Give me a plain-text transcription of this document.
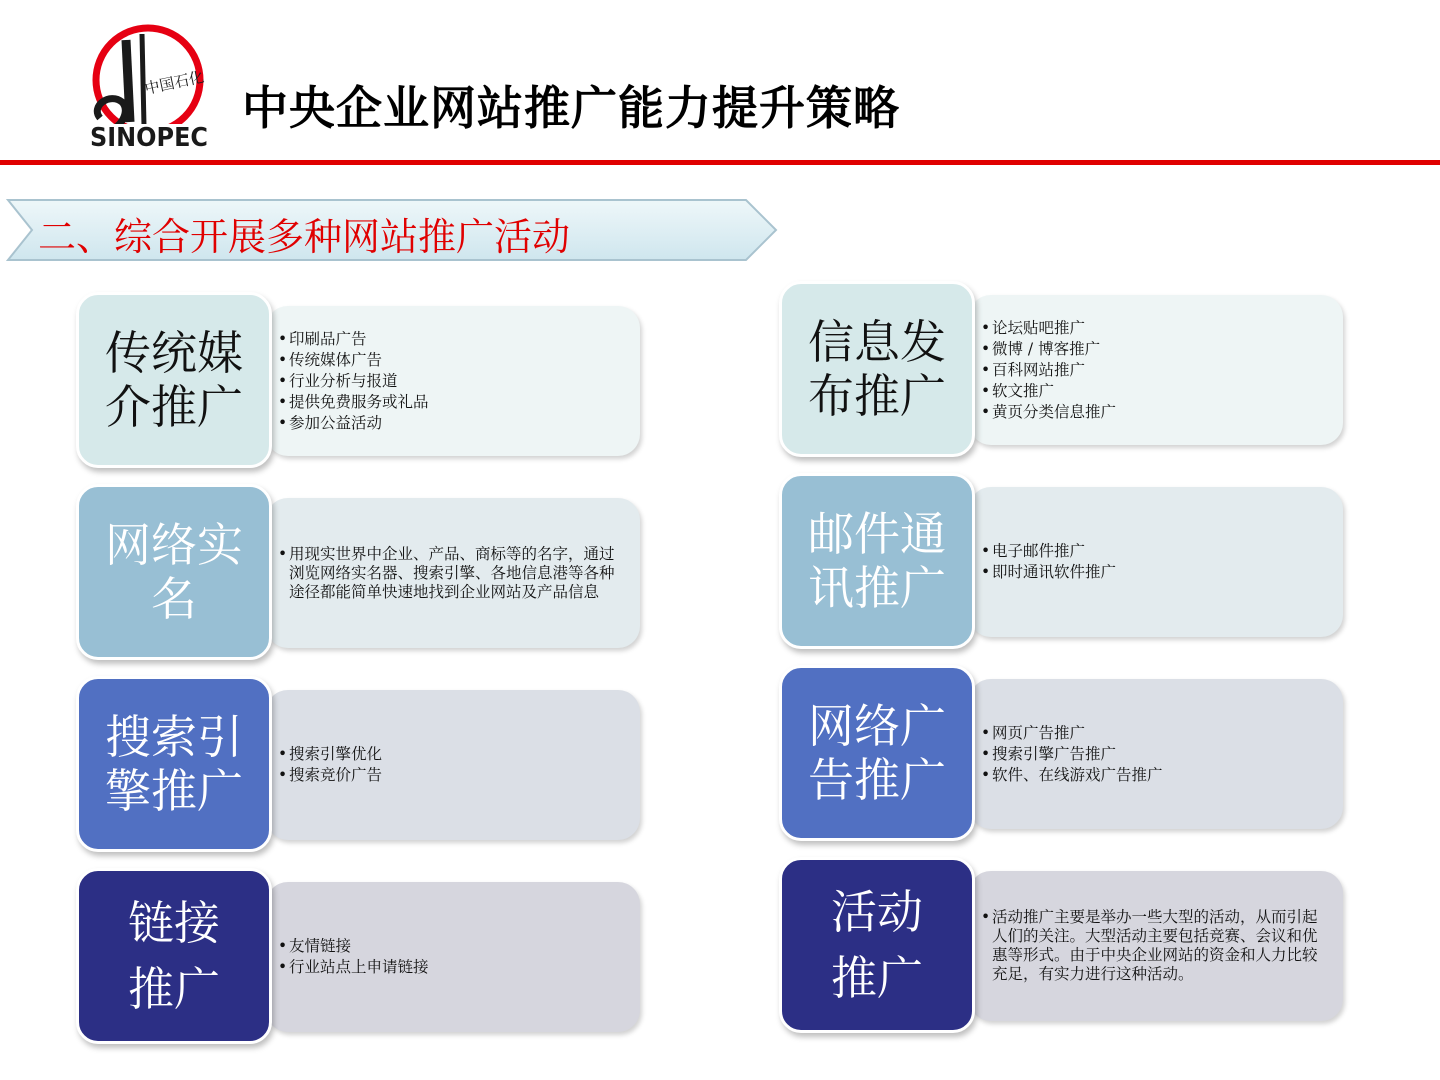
中国石化
SINOPEC
中央企业网站推广能力提升策略
二、综合开展多种网站推广活动
传统媒
介推广
• 印刷品广告
• 传统媒体广告
• 行业分析与报道
• 提供免费服务或礼品
• 参加公益活动
网络实
名
• 用现实世界中企业、产品、商标等的名字，通过浏览网络实名器、搜索引擎、各地信息港等各种途径都能简单快速地找到企业网站及产品信息
搜索引
擎推广
• 搜索引擎优化
• 搜索竞价广告
链接
推广
• 友情链接
• 行业站点上申请链接
信息发
布推广
• 论坛贴吧推广
• 微博 / 博客推广
• 百科网站推广
• 软文推广
• 黄页分类信息推广
邮件通
讯推广
• 电子邮件推广
• 即时通讯软件推广
网络广
告推广
• 网页广告推广
• 搜索引擎广告推广
• 软件、在线游戏广告推广
活动
推广
• 活动推广主要是举办一些大型的活动，从而引起人们的关注。大型活动主要包括竞赛、会议和优惠等形式。由于中央企业网站的资金和人力比较充足，有实力进行这种活动。
